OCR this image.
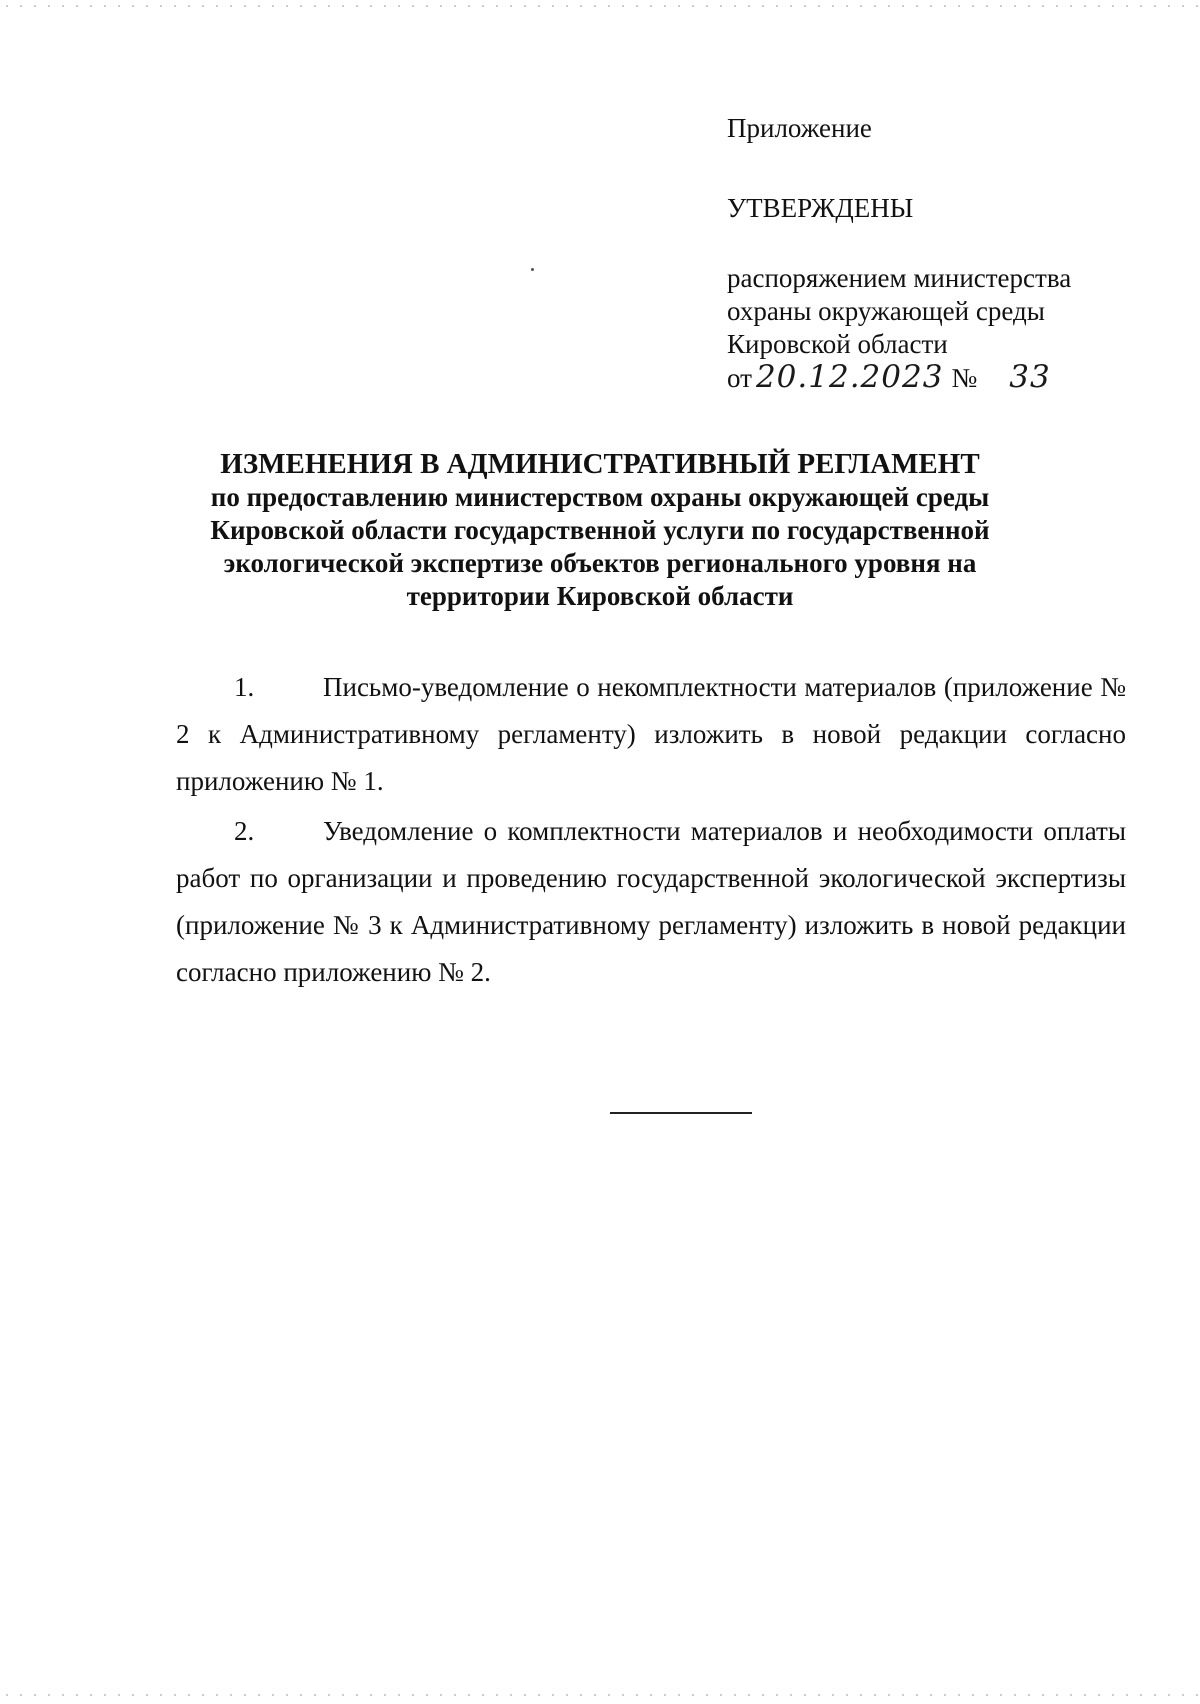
Приложение

УТВЕРЖДЕНЫ

распоряжением министерства
охраны окружающей среды
Кировской области
от 20.12.2023 № 33

ИЗМЕНЕНИЯ В АДМИНИСТРАТИВНЫЙ РЕГЛАМЕНТ
по предоставлению министерством охраны окружающей среды
Кировской области государственной услуги по государственной
экологической экспертизе объектов регионального уровня на
территории Кировской области

1.	Письмо-уведомление о некомплектности материалов (приложение № 2 к Административному регламенту) изложить в новой редакции согласно приложению № 1.

2.	Уведомление о комплектности материалов и необходимости оплаты работ по организации и проведению государственной экологической экспертизы (приложение № 3 к Административному регламенту) изложить в новой редакции согласно приложению № 2.
